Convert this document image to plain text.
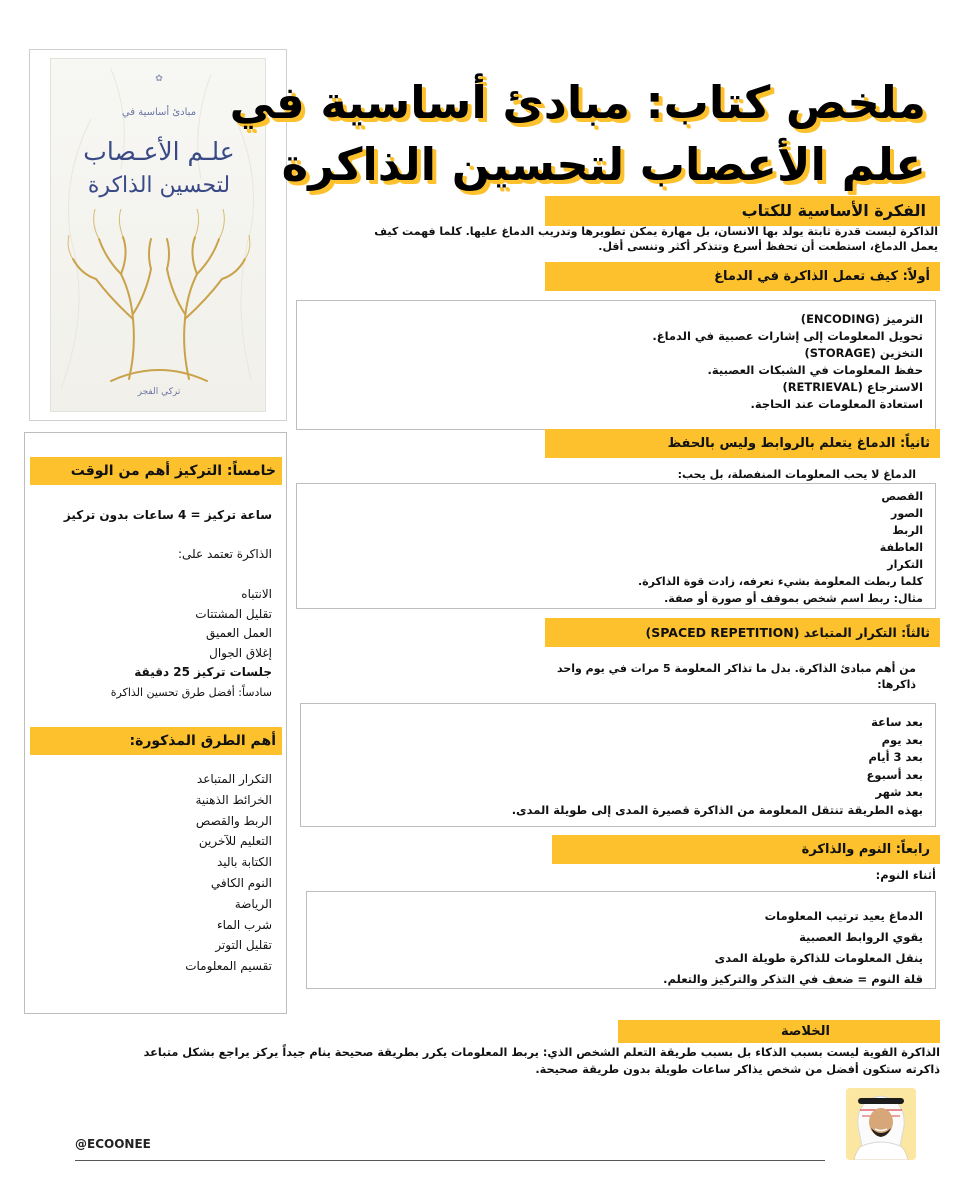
✿
مبادئ أساسية في
علـم الأعـصاب
لتحسين الذاكرة
تركي الفجر
ملخص كتاب: مبادئ أساسية في
علم الأعصاب لتحسين الذاكرة
الفكرة الأساسية للكتاب
الذاكرة ليست قدرة ثابتة يولد بها الانسان، بل مهارة يمكن تطويرها وتدريب الدماغ عليها. كلما فهمت كيف
يعمل الدماغ، استطعت أن تحفظ أسرع وتتذكر أكثر وتنسى أقل.
أولاً: كيف تعمل الذاكرة في الدماغ
الترميز (ENCODING)
تحويل المعلومات إلى إشارات عصبية في الدماغ.
التخزين (STORAGE)
حفظ المعلومات في الشبكات العصبية.
الاسترجاع (RETRIEVAL)
استعادة المعلومات عند الحاجة.
ثانياً: الدماغ يتعلم بالروابط وليس بالحفظ
الدماغ لا يحب المعلومات المنفصلة، بل يحب:
القصص
الصور
الربط
العاطفة
التكرار
كلما ربطت المعلومة بشيء تعرفه، زادت قوة الذاكرة.
مثال: ربط اسم شخص بموقف أو صورة أو صفة.
ثالثاً: التكرار المتباعد (SPACED REPETITION)
من أهم مبادئ الذاكرة. بدل ما تذاكر المعلومة 5 مرات في يوم واحد
ذاكرها:
بعد ساعة
بعد يوم
بعد 3 أيام
بعد أسبوع
بعد شهر
بهذه الطريقة تنتقل المعلومة من الذاكرة قصيرة المدى إلى طويلة المدى.
رابعاً: النوم والذاكرة
أثناء النوم:
الدماغ يعيد ترتيب المعلومات
يقوي الروابط العصبية
ينقل المعلومات للذاكرة طويلة المدى
قلة النوم = ضعف في التذكر والتركيز والتعلم.
خامساً: التركيز أهم من الوقت
ساعة تركيز = 4 ساعات بدون تركيز
الذاكرة تعتمد على:
الانتباه
تقليل المشتتات
العمل العميق
إغلاق الجوال
جلسات تركيز 25 دقيقة
سادساً: أفضل طرق تحسين الذاكرة
أهم الطرق المذكورة:
التكرار المتباعد
الخرائط الذهنية
الربط والقصص
التعليم للآخرين
الكتابة باليد
النوم الكافي
الرياضة
شرب الماء
تقليل التوتر
تقسيم المعلومات
الخلاصة
الذاكرة القوية ليست بسبب الذكاء بل بسبب طريقة التعلم الشخص الذي: يربط المعلومات يكرر بطريقة صحيحة ينام جيداً يركز يراجع بشكل متباعد
ذاكرته ستكون أفضل من شخص يذاكر ساعات طويلة بدون طريقة صحيحة.
@ECOONEE
